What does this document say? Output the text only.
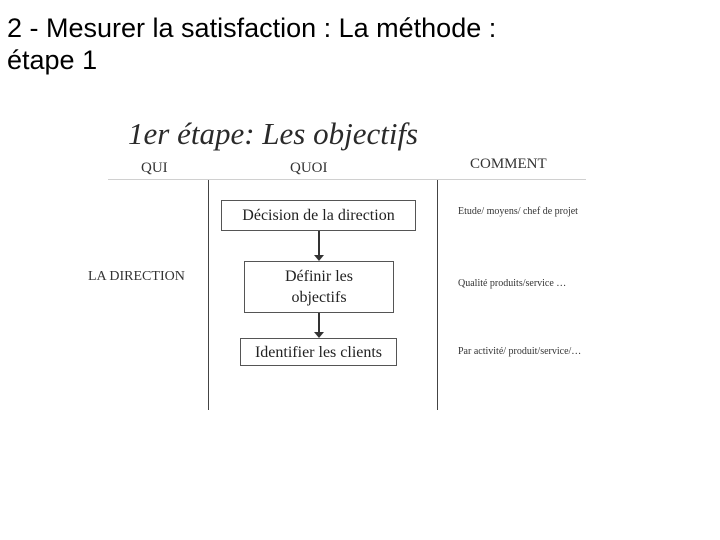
2 - Mesurer la satisfaction : La méthode :
étape 1
1er étape: Les objectifs
QUI	QUOI	COMMENT
LA DIRECTION
Décision de la direction
Définir les
objectifs
Identifier les clients
Etude/ moyens/ chef de projet
Qualité produits/service …
Par activité/ produit/service/…
